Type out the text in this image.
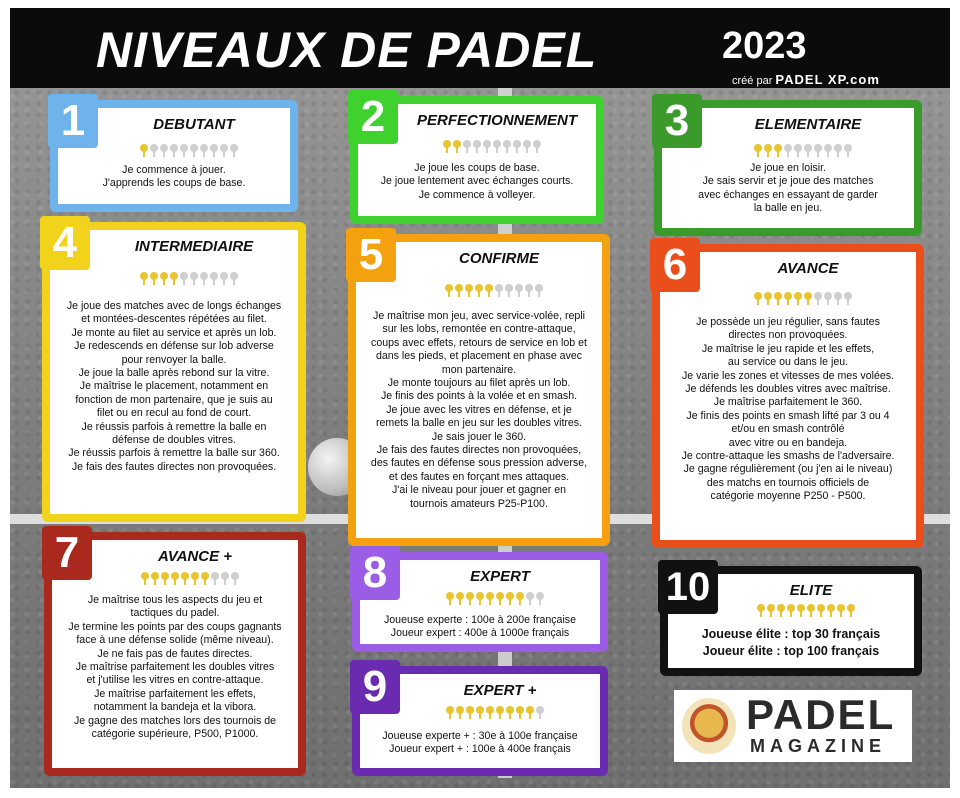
NIVEAUX DE PADEL	2023
créé par PADEL XP.com
DEBUTANT
Je commence à jouer.
J'apprends les coups de base.
1	PERFECTIONNEMENT
Je joue les coups de base.
Je joue lentement avec échanges courts.
Je commence à volleyer.
2	ELEMENTAIRE
Je joue en loisir.
Je sais servir et je joue des matches
avec échanges en essayant de garder
la balle en jeu.
3
INTERMEDIAIRE
Je joue des matches avec de longs échanges
et montées-descentes répétées au filet.
Je monte au filet au service et après un lob.
Je redescends en défense sur lob adverse
pour renvoyer la balle.
Je joue la balle après rebond sur la vitre.
Je maîtrise le placement, notamment en
fonction de mon partenaire, que je suis au
filet ou en recul au fond de court.
Je réussis parfois à remettre la balle en
défense de doubles vitres.
Je réussis parfois à remettre la balle sur 360.
Je fais des fautes directes non provoquées.
4	CONFIRME
Je maîtrise mon jeu, avec service-volée, repli
sur les lobs, remontée en contre-attaque,
coups avec effets, retours de service en lob et
dans les pieds, et placement en phase avec
mon partenaire.
Je monte toujours au filet après un lob.
Je finis des points à la volée et en smash.
Je joue avec les vitres en défense, et je
remets la balle en jeu sur les doubles vitres.
Je sais jouer le 360.
Je fais des fautes directes non provoquées,
des fautes en défense sous pression adverse,
et des fautes en forçant mes attaques.
J'ai le niveau pour jouer et gagner en
tournois amateurs P25-P100.
5	AVANCE
Je possède un jeu régulier, sans fautes
directes non provoquées.
Je maîtrise le jeu rapide et les effets,
au service ou dans le jeu.
Je varie les zones et vitesses de mes volées.
Je défends les doubles vitres avec maîtrise.
Je maîtrise parfaitement le 360.
Je finis des points en smash lifté par 3 ou 4
et/ou en smash contrôlé
avec vitre ou en bandeja.
Je contre-attaque les smashs de l'adversaire.
Je gagne régulièrement (ou j'en ai le niveau)
des matchs en tournois officiels de
catégorie moyenne P250 - P500.
6
AVANCE +
Je maîtrise tous les aspects du jeu et
tactiques du padel.
Je termine les points par des coups gagnants
face à une défense solide (même niveau).
Je ne fais pas de fautes directes.
Je maîtrise parfaitement les doubles vitres
et j'utilise les vitres en contre-attaque.
Je maîtrise parfaitement les effets,
notamment la bandeja et la vibora.
Je gagne des matches lors des tournois de
catégorie supérieure, P500, P1000.
7	EXPERT
Joueuse experte : 100e à 200e française
Joueur expert : 400e à 1000e français
8
EXPERT +
Joueuse experte + : 30e à 100e française
Joueur expert + : 100e à 400e français
9
ELITE
Joueuse élite : top 30 français
Joueur élite : top 100 français
10
PADEL
MAGAZINE
